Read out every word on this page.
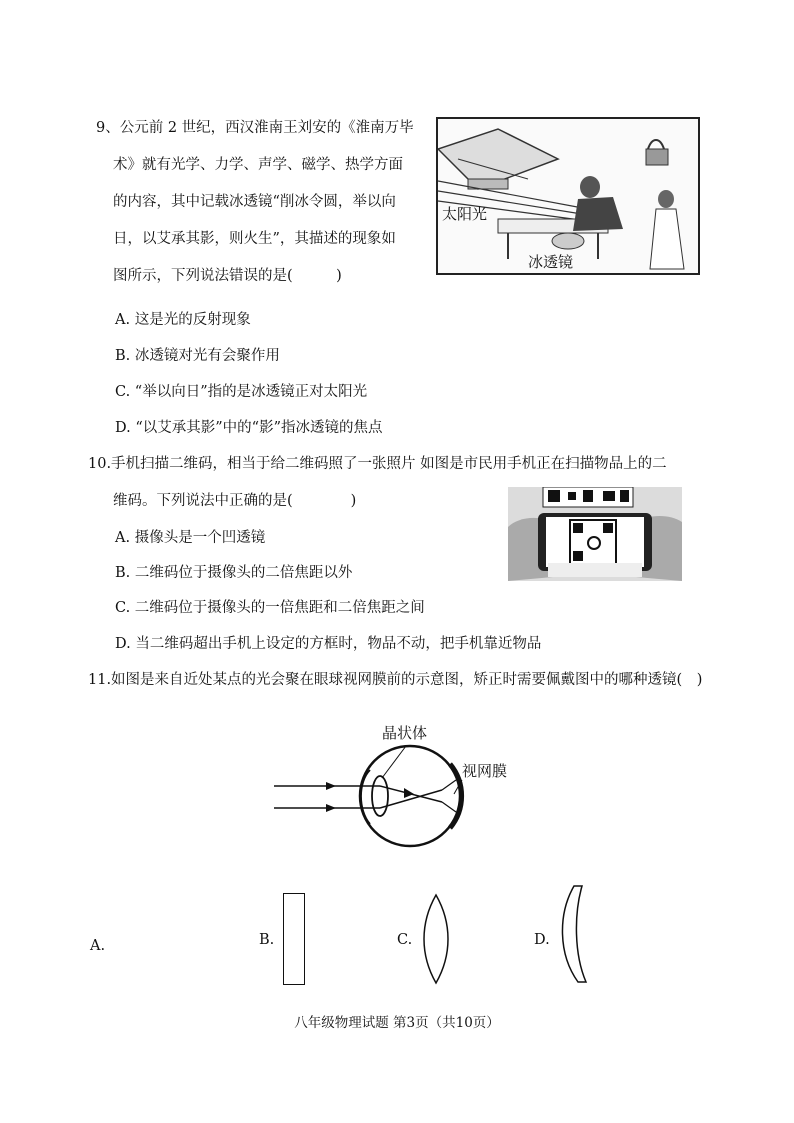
9、公元前 2 世纪，西汉淮南王刘安的《淮南万毕
术》就有光学、力学、声学、磁学、热学方面
的内容，其中记载冰透镜“削冰令圆，举以向
日，以艾承其影，则火生”，其描述的现象如
图所示，下列说法错误的是(　　　)
A. 这是光的反射现象
B. 冰透镜对光有会聚作用
C. “举以向日”指的是冰透镜正对太阳光
D. “以艾承其影”中的“影”指冰透镜的焦点
太阳光
冰透镜
10.手机扫描二维码，相当于给二维码照了一张照片 如图是市民用手机正在扫描物品上的二
维码。下列说法中正确的是(　　　　)
A. 摄像头是一个凹透镜
B. 二维码位于摄像头的二倍焦距以外
C. 二维码位于摄像头的一倍焦距和二倍焦距之间
D. 当二维码超出手机上设定的方框时，物品不动，把手机靠近物品
11.如图是来自近处某点的光会聚在眼球视网膜前的示意图，矫正时需要佩戴图中的哪种透镜(　)
晶状体
视网膜
A.	B.	C.	D.
八年级物理试题 第3页（共10页）
